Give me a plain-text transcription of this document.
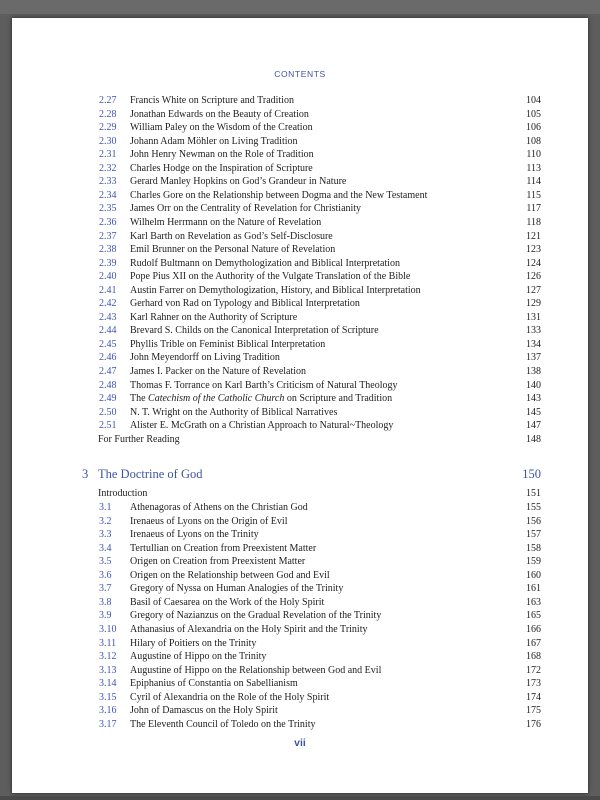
CONTENTS
2.27 Francis White on Scripture and Tradition	104
2.28 Jonathan Edwards on the Beauty of Creation	105
2.29 William Paley on the Wisdom of the Creation	106
2.30 Johann Adam Möhler on Living Tradition	108
2.31 John Henry Newman on the Role of Tradition	110
2.32 Charles Hodge on the Inspiration of Scripture	113
2.33 Gerard Manley Hopkins on God’s Grandeur in Nature	114
2.34 Charles Gore on the Relationship between Dogma and the New Testament	115
2.35 James Orr on the Centrality of Revelation for Christianity	117
2.36 Wilhelm Herrmann on the Nature of Revelation	118
2.37 Karl Barth on Revelation as God’s Self-Disclosure	121
2.38 Emil Brunner on the Personal Nature of Revelation	123
2.39 Rudolf Bultmann on Demythologization and Biblical Interpretation	124
2.40 Pope Pius XII on the Authority of the Vulgate Translation of the Bible	126
2.41 Austin Farrer on Demythologization, History, and Biblical Interpretation	127
2.42 Gerhard von Rad on Typology and Biblical Interpretation	129
2.43 Karl Rahner on the Authority of Scripture	131
2.44 Brevard S. Childs on the Canonical Interpretation of Scripture	133
2.45 Phyllis Trible on Feminist Biblical Interpretation	134
2.46 John Meyendorff on Living Tradition	137
2.47 James I. Packer on the Nature of Revelation	138
2.48 Thomas F. Torrance on Karl Barth’s Criticism of Natural Theology	140
2.49 The Catechism of the Catholic Church on Scripture and Tradition	143
2.50 N. T. Wright on the Authority of Biblical Narratives	145
2.51 Alister E. McGrath on a Christian Approach to Natural~Theology	147
For Further Reading	148
3 The Doctrine of God	150
Introduction	151
3.1 Athenagoras of Athens on the Christian God	155
3.2 Irenaeus of Lyons on the Origin of Evil	156
3.3 Irenaeus of Lyons on the Trinity	157
3.4 Tertullian on Creation from Preexistent Matter	158
3.5 Origen on Creation from Preexistent Matter	159
3.6 Origen on the Relationship between God and Evil	160
3.7 Gregory of Nyssa on Human Analogies of the Trinity	161
3.8 Basil of Caesarea on the Work of the Holy Spirit	163
3.9 Gregory of Nazianzus on the Gradual Revelation of the Trinity	165
3.10 Athanasius of Alexandria on the Holy Spirit and the Trinity	166
3.11 Hilary of Poitiers on the Trinity	167
3.12 Augustine of Hippo on the Trinity	168
3.13 Augustine of Hippo on the Relationship between God and Evil	172
3.14 Epiphanius of Constantia on Sabellianism	173
3.15 Cyril of Alexandria on the Role of the Holy Spirit	174
3.16 John of Damascus on the Holy Spirit	175
3.17 The Eleventh Council of Toledo on the Trinity	176
vii
